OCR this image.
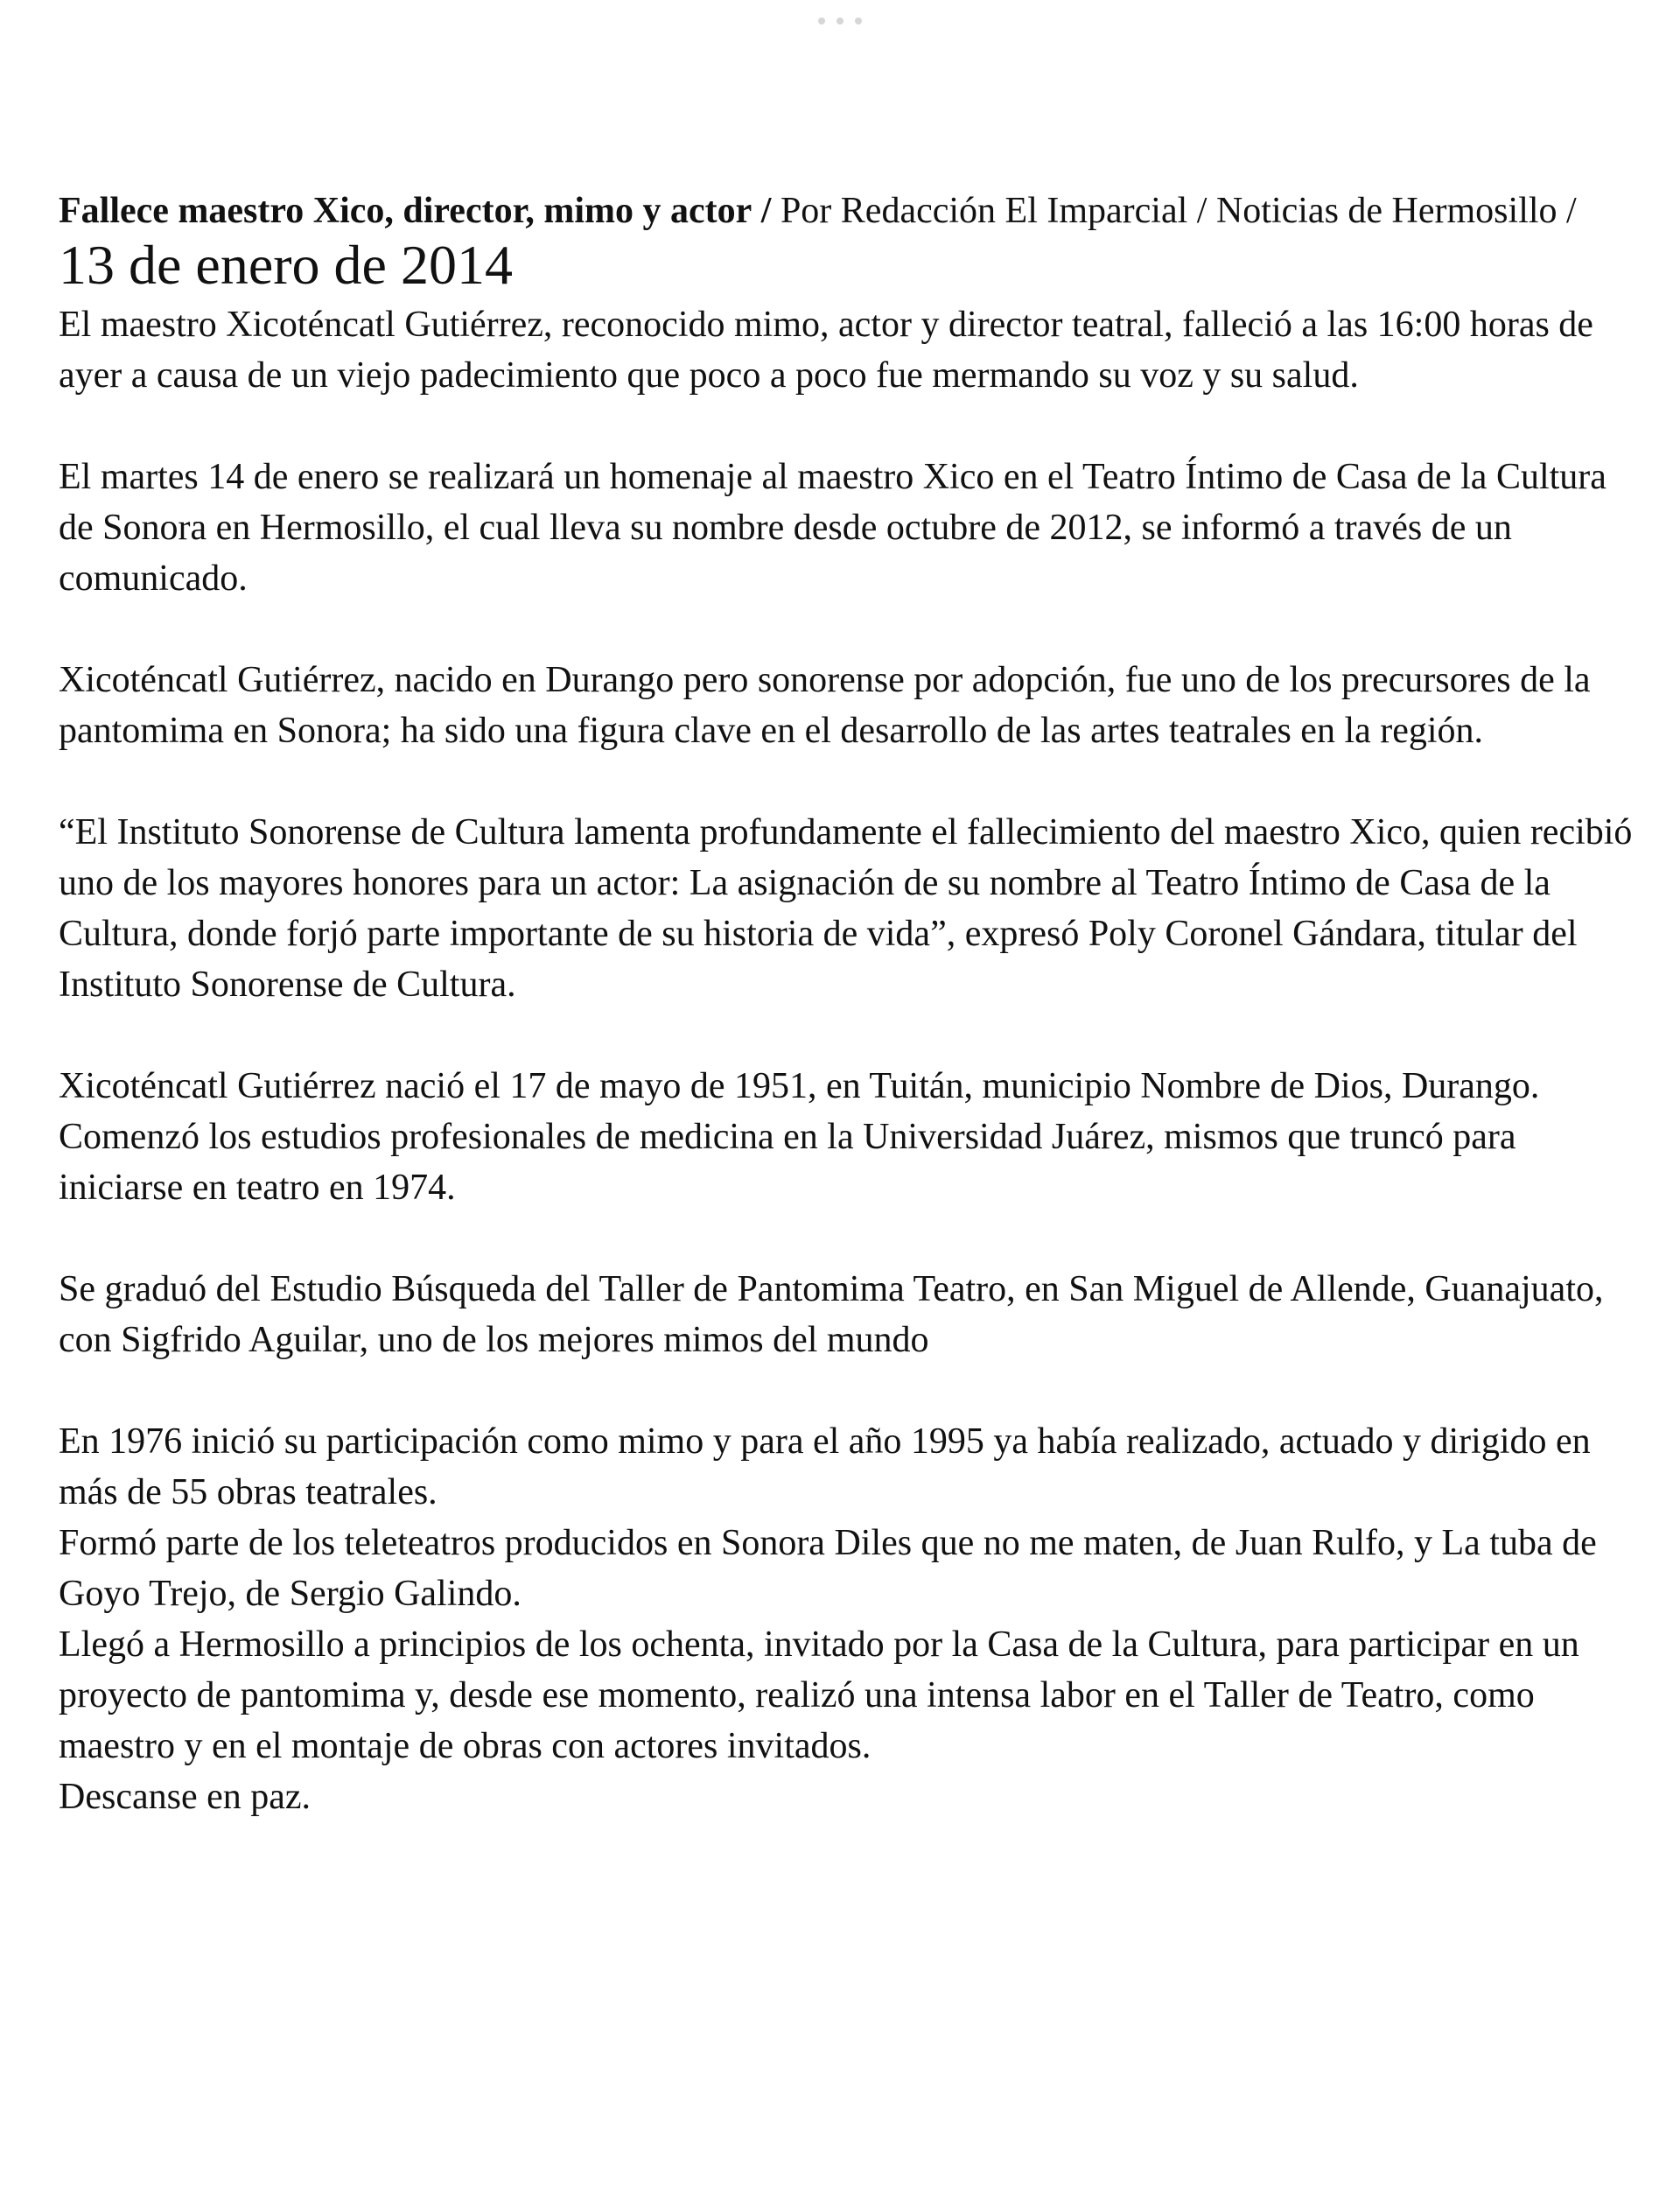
Fallece maestro Xico, director, mimo y actor / Por Redacción El Imparcial / Noticias de Hermosillo / 13 de enero de 2014

El maestro Xicoténcatl Gutiérrez, reconocido mimo, actor y director teatral, falleció a las 16:00 horas de ayer a causa de un viejo padecimiento que poco a poco fue mermando su voz y su salud.

El martes 14 de enero se realizará un homenaje al maestro Xico en el Teatro Íntimo de Casa de la Cultura de Sonora en Hermosillo, el cual lleva su nombre desde octubre de 2012, se informó a través de un comunicado.

Xicoténcatl Gutiérrez, nacido en Durango pero sonorense por adopción, fue uno de los precursores de la pantomima en Sonora; ha sido una figura clave en el desarrollo de las artes teatrales en la región.

“El Instituto Sonorense de Cultura lamenta profundamente el fallecimiento del maestro Xico, quien recibió uno de los mayores honores para un actor: La asignación de su nombre al Teatro Íntimo de Casa de la Cultura, donde forjó parte importante de su historia de vida”, expresó Poly Coronel Gándara, titular del Instituto Sonorense de Cultura.

Xicoténcatl Gutiérrez nació el 17 de mayo de 1951, en Tuitán, municipio Nombre de Dios, Durango. Comenzó los estudios profesionales de medicina en la Universidad Juárez, mismos que truncó para iniciarse en teatro en 1974.

Se graduó del Estudio Búsqueda del Taller de Pantomima Teatro, en San Miguel de Allende, Guanajuato, con Sigfrido Aguilar, uno de los mejores mimos del mundo

En 1976 inició su participación como mimo y para el año 1995 ya había realizado, actuado y dirigido en más de 55 obras teatrales.

Formó parte de los teleteatros producidos en Sonora Diles que no me maten, de Juan Rulfo, y La tuba de Goyo Trejo, de Sergio Galindo.

Llegó a Hermosillo a principios de los ochenta, invitado por la Casa de la Cultura, para participar en un proyecto de pantomima y, desde ese momento, realizó una intensa labor en el Taller de Teatro, como maestro y en el montaje de obras con actores invitados.

Descanse en paz.
